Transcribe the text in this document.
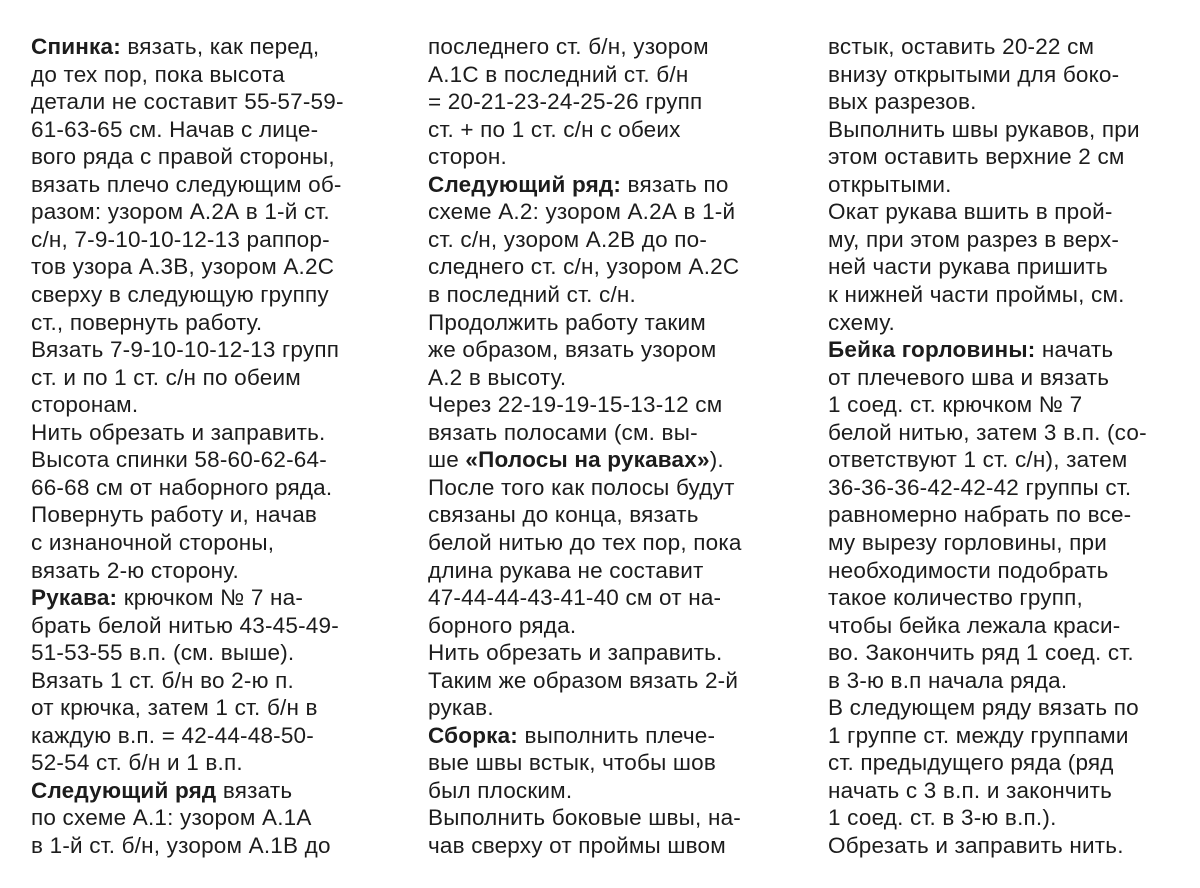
Спинка: вязать, как перед,
до тех пор, пока высота
детали не составит 55-57-59-
61-63-65 см. Начав с лице-
вого ряда с правой стороны,
вязать плечо следующим об-
разом: узором А.2А в 1-й ст.
с/н, 7-9-10-10-12-13 раппор-
тов узора А.3В, узором А.2С
сверху в следующую группу
ст., повернуть работу.
Вязать 7-9-10-10-12-13 групп
ст. и по 1 ст. с/н по обеим
сторонам.
Нить обрезать и заправить.
Высота спинки 58-60-62-64-
66-68 см от наборного ряда.
Повернуть работу и, начав
с изнаночной стороны,
вязать 2-ю сторону.
Рукава: крючком № 7 на-
брать белой нитью 43-45-49-
51-53-55 в.п. (см. выше).
Вязать 1 ст. б/н во 2-ю п.
от крючка, затем 1 ст. б/н в
каждую в.п. = 42-44-48-50-
52-54 ст. б/н и 1 в.п.
Следующий ряд вязать
по схеме А.1: узором А.1А
в 1-й ст. б/н, узором А.1В до
последнего ст. б/н, узором
А.1С в последний ст. б/н
= 20-21-23-24-25-26 групп
ст. + по 1 ст. с/н с обеих
сторон.
Следующий ряд: вязать по
схеме А.2: узором А.2А в 1-й
ст. с/н, узором А.2В до по-
следнего ст. с/н, узором А.2С
в последний ст. с/н.
Продолжить работу таким
же образом, вязать узором
А.2 в высоту.
Через 22-19-19-15-13-12 см
вязать полосами (см. вы-
ше «Полосы на рукавах»).
После того как полосы будут
связаны до конца, вязать
белой нитью до тех пор, пока
длина рукава не составит
47-44-44-43-41-40 см от на-
борного ряда.
Нить обрезать и заправить.
Таким же образом вязать 2-й
рукав.
Сборка: выполнить плече-
вые швы встык, чтобы шов
был плоским.
Выполнить боковые швы, на-
чав сверху от проймы швом
встык, оставить 20-22 см
внизу открытыми для боко-
вых разрезов.
Выполнить швы рукавов, при
этом оставить верхние 2 см
открытыми.
Окат рукава вшить в прой-
му, при этом разрез в верх-
ней части рукава пришить
к нижней части проймы, см.
схему.
Бейка горловины: начать
от плечевого шва и вязать
1 соед. ст. крючком № 7
белой нитью, затем 3 в.п. (со-
ответствуют 1 ст. с/н), затем
36-36-36-42-42-42 группы ст.
равномерно набрать по все-
му вырезу горловины, при
необходимости подобрать
такое количество групп,
чтобы бейка лежала краси-
во. Закончить ряд 1 соед. ст.
в 3-ю в.п начала ряда.
В следующем ряду вязать по
1 группе ст. между группами
ст. предыдущего ряда (ряд
начать с 3 в.п. и закончить
1 соед. ст. в 3-ю в.п.).
Обрезать и заправить нить.
